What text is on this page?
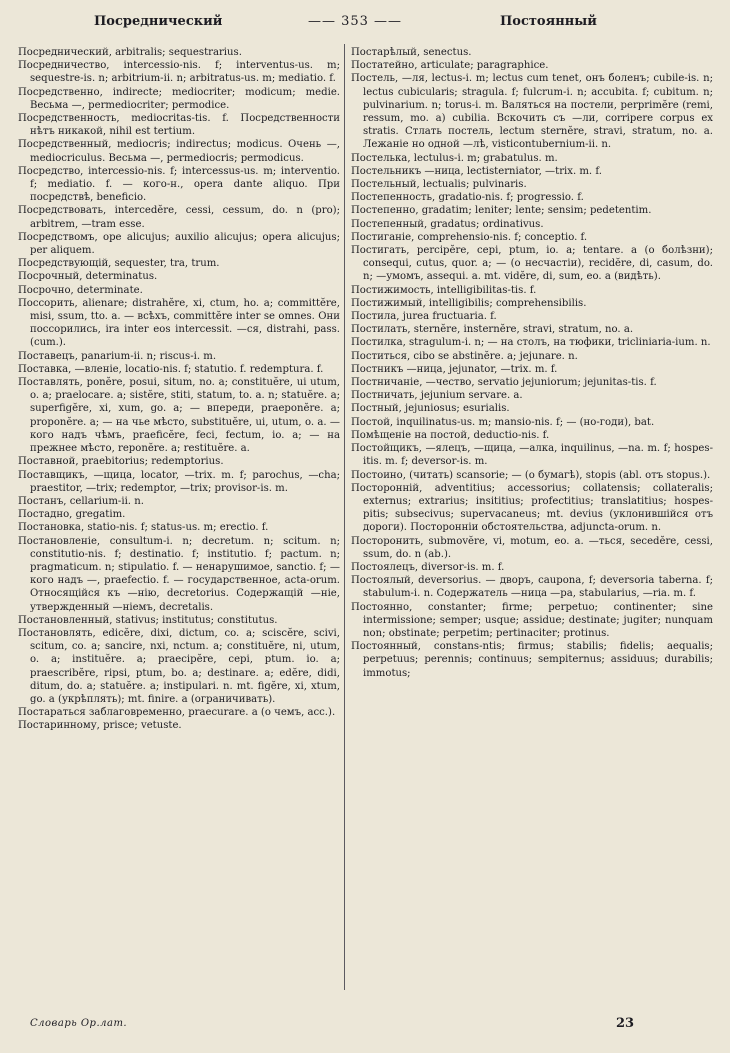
Посреднический	—— 353 ——	Постоянный

Посреднический, arbitralis; sequestrarius.

Посредничество, intercessio-nis. f; interventus-us. m; sequestre-is. n; arbitrium-ii. n; arbitratus-us. m; mediatio. f.

Посредственно, indirecte; mediocriter; modicum; medie. Весьма —, permediocriter; permodice.

Посредственность, mediocritas-tis. f. Посредственности нѣтъ никакой, nihil est tertium.

Посредственный, mediocris; indirectus; modicus. Очень —, mediocriculus. Весьма —, permediocris; permodicus.

Посредство, intercessio-nis. f; intercessus-us. m; interventio. f; mediatio. f. — кого-н., opera dante aliquo. При посредствѣ, beneficio.

Посредствовать, intercedĕre, cessi, cessum, do. n (pro); arbitrem, —tram esse.

Посредствомъ, ope alicujus; auxilio alicujus; opera alicujus; per aliquem.

Посредствующій, sequester, tra, trum.

Посрочный, determinatus.

Посрочно, determinate.

Поссорить, alienare; distrahĕre, xi, ctum, ho. a; committĕre, misi, ssum, tto. a. — всѣхъ, committĕre inter se omnes. Они поссорились, ira inter eos intercessit. —ся, distrahi, pass. (cum.).

Поставецъ, panarium-ii. n; riscus-i. m.

Поставка, —вленіе, locatio-nis. f; statutio. f. redemptura. f.

Поставлять, ponĕre, posui, situm, no. a; constituĕre, ui utum, o. a; praelocare. a; sistĕre, stiti, statum, to. a. n; statuĕre. a; superfigĕre, xi, xum, go. a; — впереди, praeponĕre. a; proponĕre. a; — на чье мѣсто, substituĕre, ui, utum, o. a. — кого надъ чѣмъ, praeficĕre, feci, fectum, io. a; — на прежнее мѣсто, reponĕre. a; restituĕre. a.

Поставной, praebitorius; redemptorius.

Поставщикъ, —щица, locator, —trix. m. f; parochus, —cha; praestitor, —trix; redemptor, —trix; provisor-is. m.

Постанъ, cellarium-ii. n.

Постадно, gregatim.

Постановка, statio-nis. f; status-us. m; erectio. f.

Постановленіе, consultum-i. n; decretum. n; scitum. n; constitutio-nis. f; destinatio. f; institutio. f; pactum. n; pragmaticum. n; stipulatio. f. — ненарушимое, sanctio. f; — кого надъ —, praefectio. f. — государственное, acta-orum. Относящійся къ —нію, decretorius. Содержащій —ніе, утвержденный —ніемъ, decretalis.

Постановленный, stativus; institutus; constitutus.

Постановлять, edicĕre, dixi, dictum, co. a; sciscĕre, scivi, scitum, co. a; sancire, nxi, nctum. a; constituĕre, ni, utum, o. a; instituĕre. a; praecipĕre, cepi, ptum. io. a; praescribĕre, ripsi, ptum, bo. a; destinare. a; edĕre, didi, ditum, do. a; statuĕre. a; instipulari. n. mt. figĕre, xi, xtum, go. a (укрѣплять); mt. finire. a (ограничивать).

Постараться заблаговременно, praecurare. a (о чемъ, acc.).

Постаринному, prisce; vetuste.

Постарѣлый, senectus.

Постатейно, articulate; paragraphice.

Постель, —ля, lectus-i. m; lectus cum tenet, онъ боленъ; cubile-is. n; lectus cubicularis; stragula. f; fulcrum-i. n; accubita. f; cubitum. n; pulvinarium. n; torus-i. m. Валяться на постели, perprimĕre (remi, ressum, mo. a) cubilia. Вскочить съ —ли, corripere corpus ex stratis. Стлать постель, lectum sternĕre, stravi, stratum, no. a. Лежаніе но одной —лѣ, visticontubernium-ii. n.

Постелька, lectulus-i. m; grabatulus. m.

Постельникъ —ница, lectisterniator, —trix. m. f.

Постельный, lectualis; pulvinaris.

Постепенность, gradatio-nis. f; progressio. f.

Постепенно, gradatim; leniter; lente; sensim; pedetentim.

Постепенный, gradatus; ordinativus.

Постиганіе, comprehensio-nis. f; conceptio. f.

Постигать, percipĕre, cepi, ptum, io. a; tentare. a (о болѣзни); consequi, cutus, quor. a; — (о несчастіи), recidĕre, di, casum, do. n; —умомъ, assequi. a. mt. vidĕre, di, sum, eo. a (видѣть).

Постижимость, intelligibilitas-tis. f.

Постижимый, intelligibilis; comprehensibilis.

Постила, jurea fructuaria. f.

Постилать, sternĕre, insternĕre, stravi, stratum, no. a.

Постилка, stragulum-i. n; — на столъ, на тюфики, tricliniaria-ium. n.

Поститься, cibo se abstinĕre. a; jejunare. n.

Постникъ —ница, jejunator, —trix. m. f.

Постничаніе, —чество, servatio jejuniorum; jejunitas-tis. f.

Постничать, jejunium servare. a.

Постный, jejuniosus; esurialis.

Постой, inquilinatus-us. m; mansio-nis. f; — (но-годи), bat.

Помѣщеніе на постой, deductio-nis. f.

Постойщикъ, —ялецъ, —щица, —алка, inquilinus, —na. m. f; hospes-itis. m. f; deversor-is. m.

Постоино, (читать) scansorie; — (о бумагѣ), stopis (abl. отъ stopus.).

Посторонній, adventitius; accessorius; collatensis; collateralis; externus; extrarius; insititius; profectitius; translatitius; hospes-pitis; subsecivus; supervacaneus; mt. devius (уклонившійся отъ дороги). Посторонніи обстоятельства, adjuncta-orum. n.

Посторонить, submovĕre, vi, motum, eo. a. —ться, secedĕre, cessi, ssum, do. n (ab.).

Постоялецъ, diversor-is. m. f.

Постоялый, deversorius. — дворъ, caupona, f; deversoria taberna. f; stabulum-i. n. Содержатель —ница —ра, stabularius, —ria. m. f.

Постоянно, constanter; firme; perpetuo; continenter; sine intermissione; semper; usque; assidue; destinate; jugiter; nunquam non; obstinate; perpetim; pertinaciter; protinus.

Постоянный, constans-ntis; firmus; stabilis; fidelis; aequalis; perpetuus; perennis; continuus; sempiternus; assiduus; durabilis; immotus;

Словарь Ор.лат.	23
